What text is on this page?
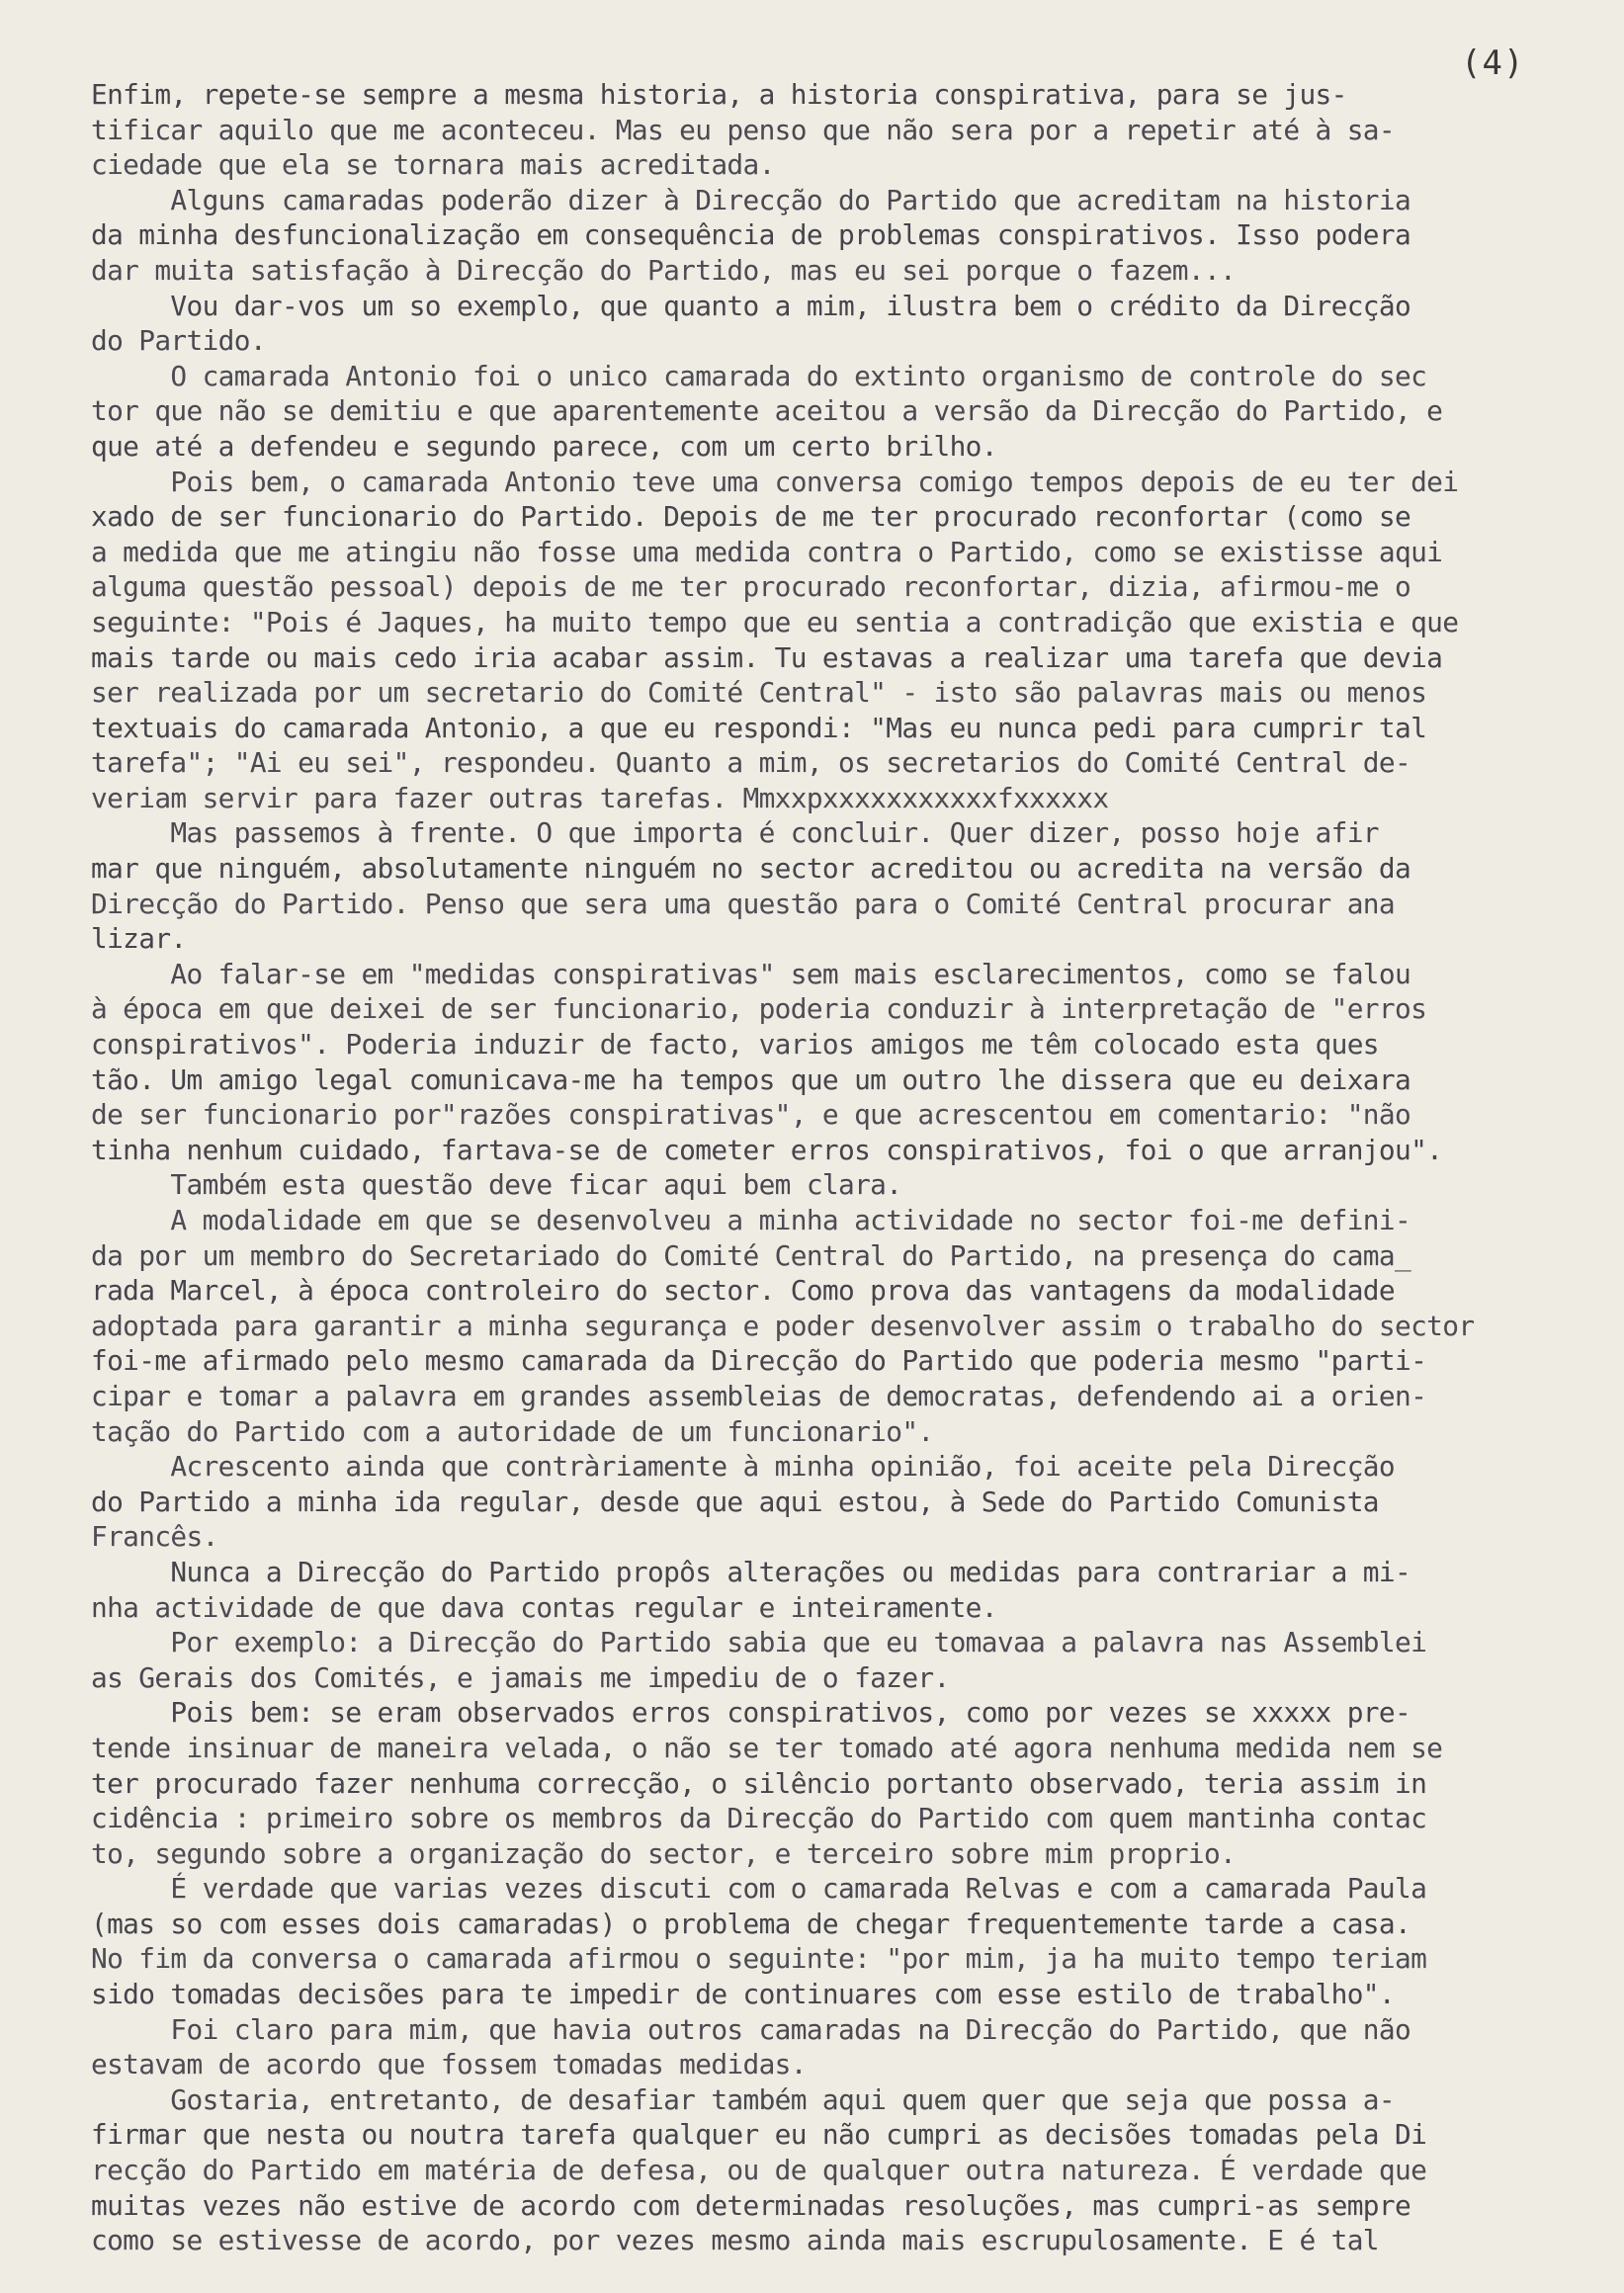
(4)
Enfim, repete-se sempre a mesma historia, a historia conspirativa, para se jus-
tificar aquilo que me aconteceu. Mas eu penso que não sera por a repetir até à sa-
ciedade que ela se tornara mais acreditada.
Alguns camaradas poderão dizer à Direcção do Partido que acreditam na historia
da minha desfuncionalização em consequência de problemas conspirativos. Isso podera
dar muita satisfação à Direcção do Partido, mas eu sei porque o fazem...
Vou dar-vos um so exemplo, que quanto a mim, ilustra bem o crédito da Direcção
do Partido.
O camarada Antonio foi o unico camarada do extinto organismo de controle do sec
tor que não se demitiu e que aparentemente aceitou a versão da Direcção do Partido, e
que até a defendeu e segundo parece, com um certo brilho.
Pois bem, o camarada Antonio teve uma conversa comigo tempos depois de eu ter dei
xado de ser funcionario do Partido. Depois de me ter procurado reconfortar (como se
a medida que me atingiu não fosse uma medida contra o Partido, como se existisse aqui
alguma questão pessoal) depois de me ter procurado reconfortar, dizia, afirmou-me o
seguinte: "Pois é Jaques, ha muito tempo que eu sentia a contradição que existia e que
mais tarde ou mais cedo iria acabar assim. Tu estavas a realizar uma tarefa que devia
ser realizada por um secretario do Comité Central" - isto são palavras mais ou menos
textuais do camarada Antonio, a que eu respondi: "Mas eu nunca pedi para cumprir tal
tarefa"; "Ai eu sei", respondeu. Quanto a mim, os secretarios do Comité Central de-
veriam servir para fazer outras tarefas. Mmxxpxxxxxxxxxxxfxxxxxx
Mas passemos à frente. O que importa é concluir. Quer dizer, posso hoje afir
mar que ninguém, absolutamente ninguém no sector acreditou ou acredita na versão da
Direcção do Partido. Penso que sera uma questão para o Comité Central procurar ana
lizar.
Ao falar-se em "medidas conspirativas" sem mais esclarecimentos, como se falou
à época em que deixei de ser funcionario, poderia conduzir à interpretação de "erros
conspirativos". Poderia induzir de facto, varios amigos me têm colocado esta ques
tão. Um amigo legal comunicava-me ha tempos que um outro lhe dissera que eu deixara
de ser funcionario por"razões conspirativas", e que acrescentou em comentario: "não
tinha nenhum cuidado, fartava-se de cometer erros conspirativos, foi o que arranjou".
Também esta questão deve ficar aqui bem clara.
A modalidade em que se desenvolveu a minha actividade no sector foi-me defini-
da por um membro do Secretariado do Comité Central do Partido, na presença do cama_
rada Marcel, à época controleiro do sector. Como prova das vantagens da modalidade
adoptada para garantir a minha segurança e poder desenvolver assim o trabalho do sector
foi-me afirmado pelo mesmo camarada da Direcção do Partido que poderia mesmo "parti-
cipar e tomar a palavra em grandes assembleias de democratas, defendendo ai a orien-
tação do Partido com a autoridade de um funcionario".
Acrescento ainda que contràriamente à minha opinião, foi aceite pela Direcção
do Partido a minha ida regular, desde que aqui estou, à Sede do Partido Comunista
Francês.
Nunca a Direcção do Partido propôs alterações ou medidas para contrariar a mi-
nha actividade de que dava contas regular e inteiramente.
Por exemplo: a Direcção do Partido sabia que eu tomavaa a palavra nas Assemblei
as Gerais dos Comités, e jamais me impediu de o fazer.
Pois bem: se eram observados erros conspirativos, como por vezes se xxxxx pre-
tende insinuar de maneira velada, o não se ter tomado até agora nenhuma medida nem se
ter procurado fazer nenhuma correcção, o silêncio portanto observado, teria assim in
cidência : primeiro sobre os membros da Direcção do Partido com quem mantinha contac
to, segundo sobre a organização do sector, e terceiro sobre mim proprio.
É verdade que varias vezes discuti com o camarada Relvas e com a camarada Paula
(mas so com esses dois camaradas) o problema de chegar frequentemente tarde a casa.
No fim da conversa o camarada afirmou o seguinte: "por mim, ja ha muito tempo teriam
sido tomadas decisões para te impedir de continuares com esse estilo de trabalho".
Foi claro para mim, que havia outros camaradas na Direcção do Partido, que não
estavam de acordo que fossem tomadas medidas.
Gostaria, entretanto, de desafiar também aqui quem quer que seja que possa a-
firmar que nesta ou noutra tarefa qualquer eu não cumpri as decisões tomadas pela Di
recção do Partido em matéria de defesa, ou de qualquer outra natureza. É verdade que
muitas vezes não estive de acordo com determinadas resoluções, mas cumpri-as sempre
como se estivesse de acordo, por vezes mesmo ainda mais escrupulosamente. E é tal
